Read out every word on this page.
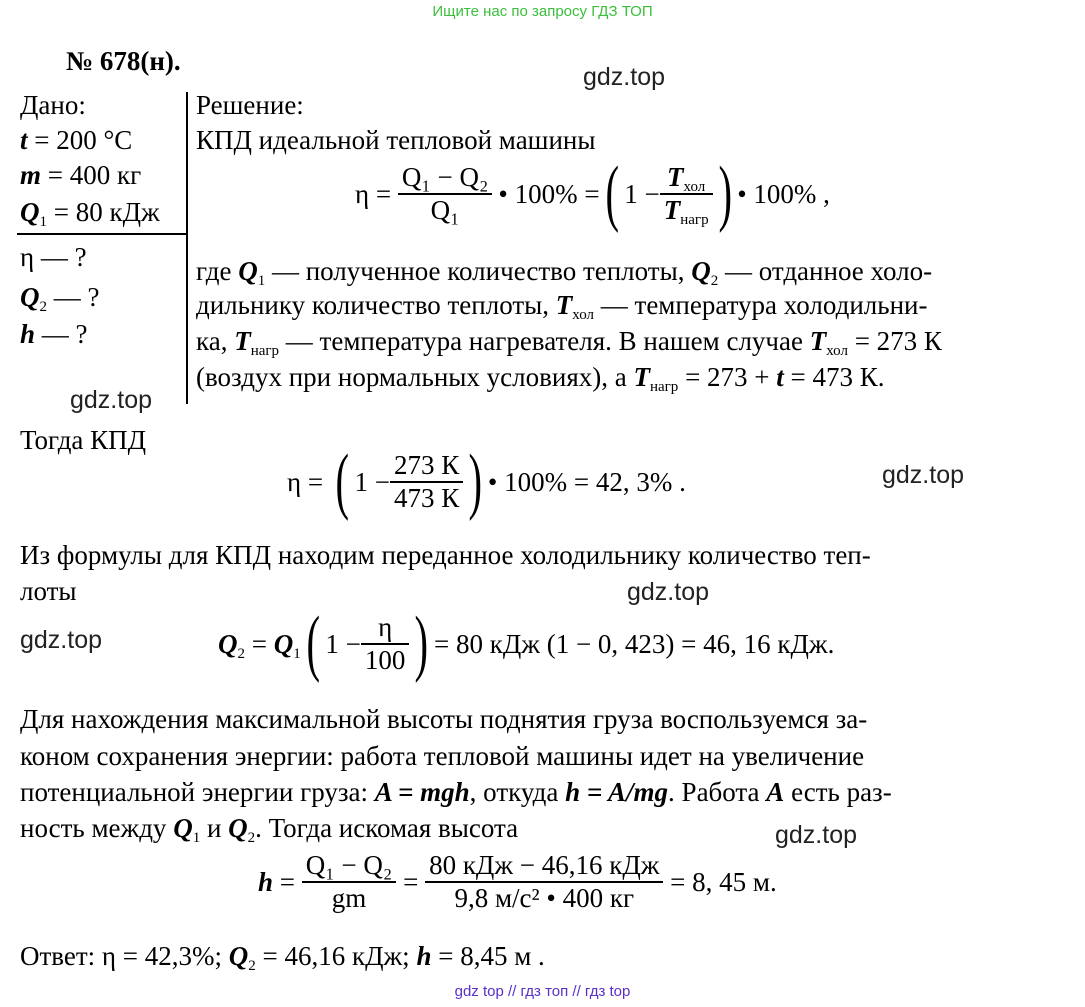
Ищите нас по запросу ГДЗ ТОП
gdz.top
gdz.top
gdz.top
gdz.top
gdz.top
gdz.top
№ 678(н).
Дано:
t = 200 °С
m = 400 кг
$Q_1 = 80$ кДж
η — ?
$Q_2$ — ?
h — ?
Решение:
КПД идеальной тепловой машины
$\eta = \frac{\text{Q₁ − Q₂}}{\text{Q₁}}$ • 100% = ( $1 - \frac{T_{хол}}{T_{нагр}}$ ) • 100% ,
где $Q_1$ — полученное количество теплоты, $Q_2$ — отданное холо-
дильнику количество теплоты, $T_{хол}$ — температура холодильни-
ка, $T_{нагр}$ — температура нагревателя. В нашем случае $T_{хол} = 273$ К
(воздух при нормальных условиях), а $T_{нагр} = 273 + t = 473$ К.
Тогда КПД
η = ( $1 - \frac{273 К}{473 К}$ ) • 100% = 42, 3% .
Из формулы для КПД находим переданное холодильнику количество теп-
лоты
$Q_2 = Q_1$ ( $1 - \frac{\eta}{100}$ ) = 80 кДж (1 − 0, 423) = 46, 16 кДж.
Для нахождения максимальной высоты поднятия груза воспользуемся за-
коном сохранения энергии: работа тепловой машины идет на увеличение
потенциальной энергии груза: A = mgh, откуда h = A/mg. Работа A есть раз-
ность между $Q_1$ и $Q_2$. Тогда искомая высота
$h = \frac{\text{Q₁ − Q₂}}{gm} = \frac{\text{80 кДж − 46,16 кДж}}{\text{9,8 м/с² • 400 кг}}$
= 8, 45 м.
Ответ: η = 42,3%; $Q_2 = 46,16$ кДж; h = 8,45 м .
gdz top // гдз топ // гдз top
